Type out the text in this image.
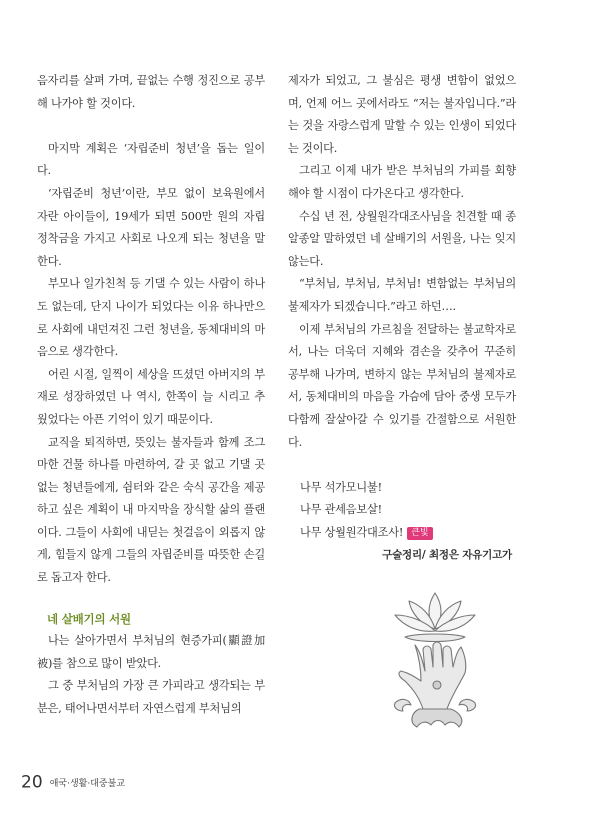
음자리를 살펴 가며, 끝없는 수행 정진으로 공부해 나가야 할 것이다.

마지막 계획은 ‘자립준비 청년’을 돕는 일이다.

‘자립준비 청년’이란, 부모 없이 보육원에서 자란 아이들이, 19세가 되면 500만 원의 자립 정착금을 가지고 사회로 나오게 되는 청년을 말한다.

부모나 일가친척 등 기댈 수 있는 사람이 하나도 없는데, 단지 나이가 되었다는 이유 하나만으로 사회에 내던져진 그런 청년을, 동체대비의 마음으로 생각한다.

어린 시절, 일찍이 세상을 뜨셨던 아버지의 부재로 성장하였던 나 역시, 한쪽이 늘 시리고 추웠었다는 아픈 기억이 있기 때문이다.

교직을 퇴직하면, 뜻있는 불자들과 함께 조그마한 건물 하나를 마련하여, 갈 곳 없고 기댈 곳 없는 청년들에게, 쉼터와 같은 숙식 공간을 제공하고 싶은 계획이 내 마지막을 장식할 삶의 플랜이다. 그들이 사회에 내딛는 첫걸음이 외롭지 않게, 힘들지 않게 그들의 자립준비를 따뜻한 손길로 돕고자 한다.

네 살배기의 서원

나는 살아가면서 부처님의 현증가피(顯證加被)를 참으로 많이 받았다.

그 중 부처님의 가장 큰 가피라고 생각되는 부분은, 태어나면서부터 자연스럽게 부처님의

제자가 되었고, 그 불심은 평생 변함이 없었으며, 언제 어느 곳에서라도 “저는 불자입니다.”라는 것을 자랑스럽게 말할 수 있는 인생이 되었다는 것이다.

그리고 이제 내가 받은 부처님의 가피를 회향해야 할 시점이 다가온다고 생각한다.

수십 년 전, 상월원각대조사님을 친견할 때 종알종알 말하였던 네 살배기의 서원을, 나는 잊지 않는다.

“부처님, 부처님, 부처님! 변함없는 부처님의 불제자가 되겠습니다.”라고 하던….

이제 부처님의 가르침을 전달하는 불교학자로서, 나는 더욱더 지혜와 겸손을 갖추어 꾸준히 공부해 나가며, 변하지 않는 부처님의 불제자로서, 동체대비의 마음을 가슴에 담아 중생 모두가 다함께 잘살아갈 수 있기를 간절함으로 서원한다.

나무 석가모니불!

나무 관세음보살!

나무 상월원각대조사! 큰빛

구술정리/ 최정은 자유기고가

20 애국·생활·대중불교
